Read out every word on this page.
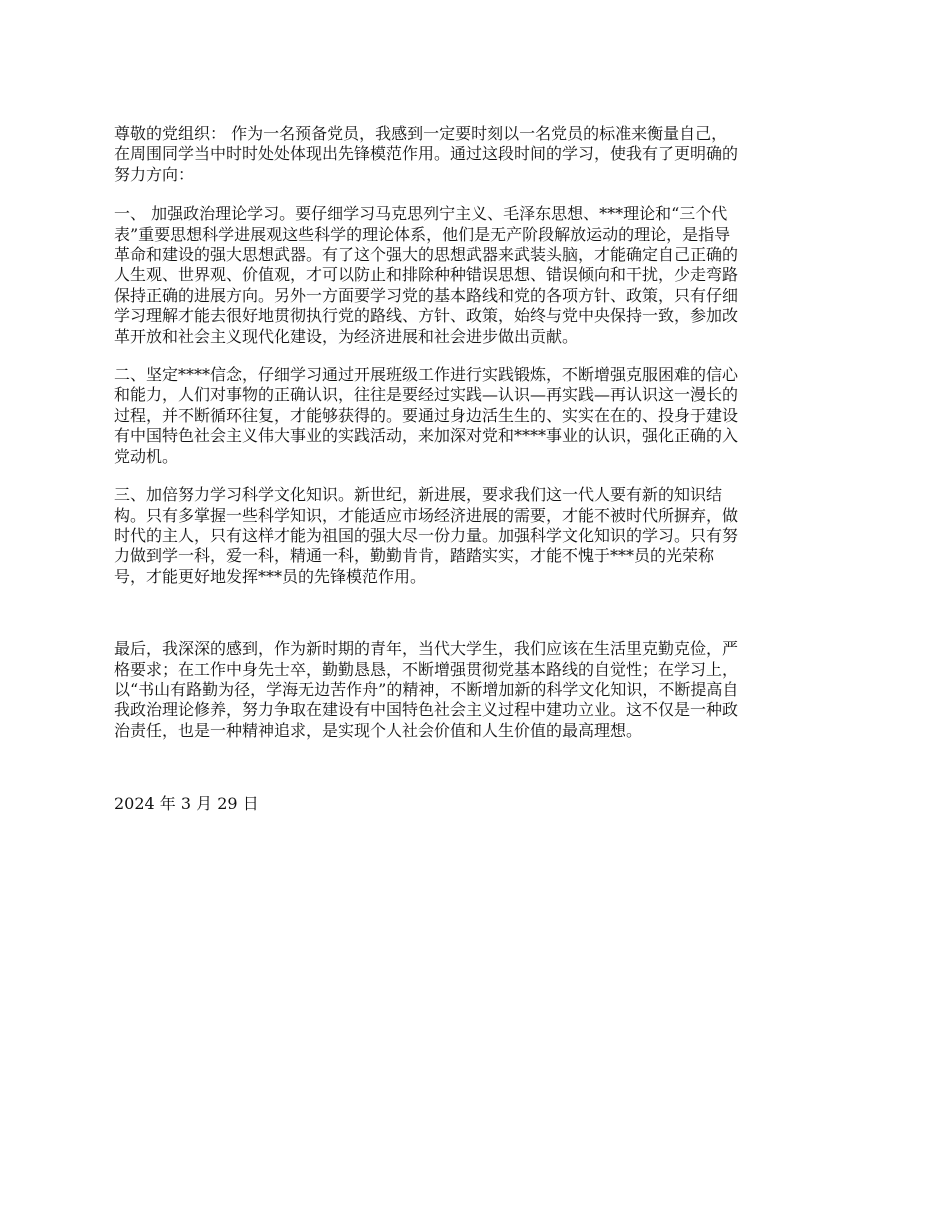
尊敬的党组织： 作为一名预备党员，我感到一定要时刻以一名党员的标准来衡量自己，
在周围同学当中时时处处体现出先锋模范作用。通过这段时间的学习，使我有了更明确的
努力方向：

一、 加强政治理论学习。要仔细学习马克思列宁主义、毛泽东思想、***理论和“三个代
表”重要思想科学进展观这些科学的理论体系，他们是无产阶段解放运动的理论，是指导
革命和建设的强大思想武器。有了这个强大的思想武器来武装头脑，才能确定自己正确的
人生观、世界观、价值观，才可以防止和排除种种错误思想、错误倾向和干扰，少走弯路
保持正确的进展方向。另外一方面要学习党的基本路线和党的各项方针、政策，只有仔细
学习理解才能去很好地贯彻执行党的路线、方针、政策，始终与党中央保持一致，参加改
革开放和社会主义现代化建设，为经济进展和社会进步做出贡献。

二、坚定****信念，仔细学习通过开展班级工作进行实践锻炼，不断增强克服困难的信心
和能力，人们对事物的正确认识，往往是要经过实践—认识—再实践—再认识这一漫长的
过程，并不断循环往复，才能够获得的。要通过身边活生生的、实实在在的、投身于建设
有中国特色社会主义伟大事业的实践活动，来加深对党和****事业的认识，强化正确的入
党动机。

三、加倍努力学习科学文化知识。新世纪，新进展，要求我们这一代人要有新的知识结
构。只有多掌握一些科学知识，才能适应市场经济进展的需要，才能不被时代所摒弃，做
时代的主人，只有这样才能为祖国的强大尽一份力量。加强科学文化知识的学习。只有努
力做到学一科，爱一科，精通一科，勤勤肯肯，踏踏实实，才能不愧于***员的光荣称
号，才能更好地发挥***员的先锋模范作用。

最后，我深深的感到，作为新时期的青年，当代大学生，我们应该在生活里克勤克俭，严
格要求；在工作中身先士卒，勤勤恳恳，不断增强贯彻党基本路线的自觉性；在学习上，
以“书山有路勤为径，学海无边苦作舟”的精神，不断增加新的科学文化知识，不断提高自
我政治理论修养，努力争取在建设有中国特色社会主义过程中建功立业。这不仅是一种政
治责任，也是一种精神追求，是实现个人社会价值和人生价值的最高理想。

2024 年 3 月 29 日
